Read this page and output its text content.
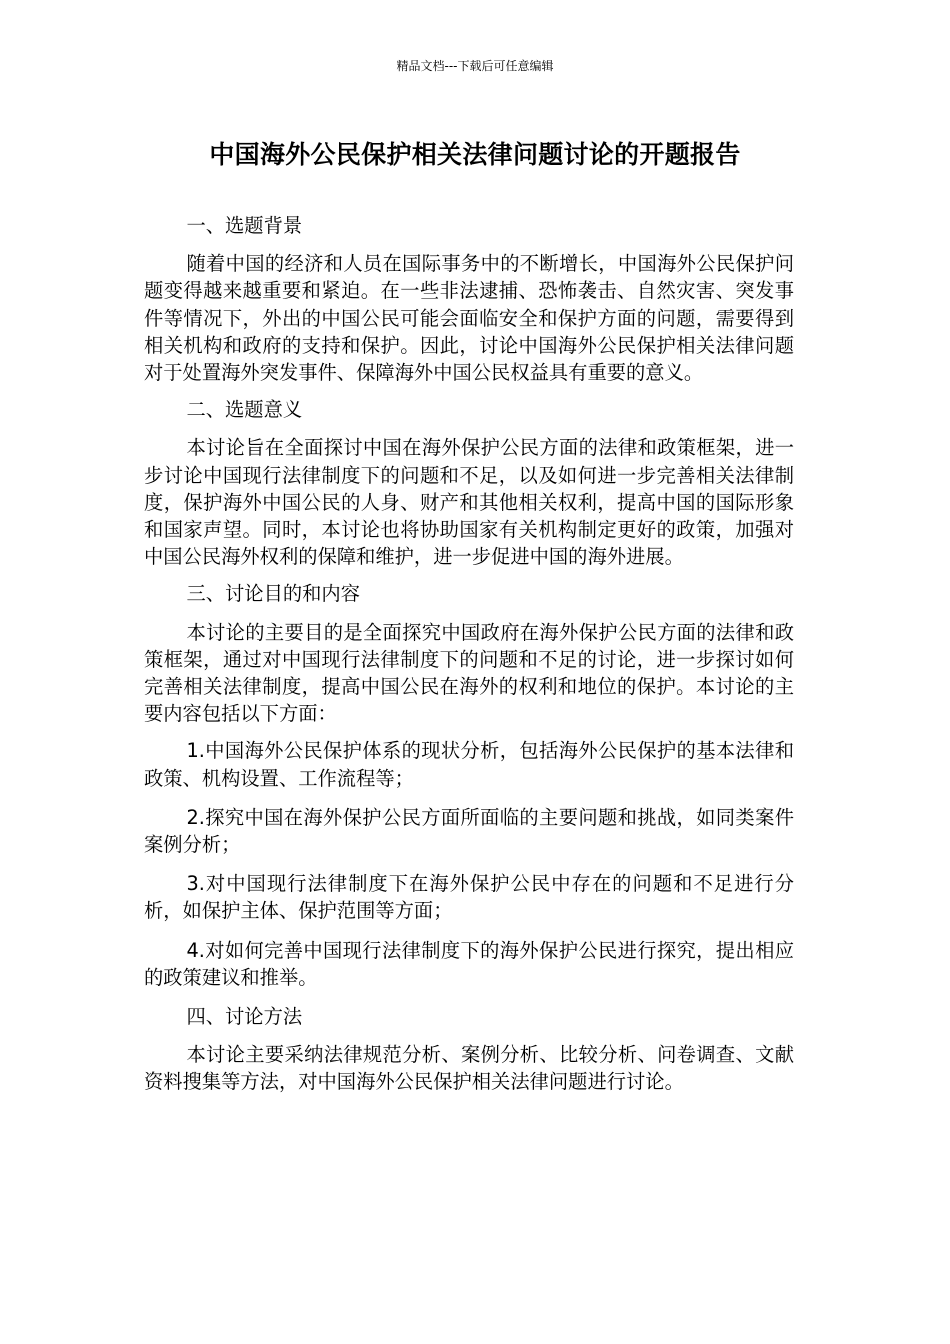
精品文档---下载后可任意编辑
中国海外公民保护相关法律问题讨论的开题报告

一、选题背景

随着中国的经济和人员在国际事务中的不断增长，中国海外公民保护问题变得越来越重要和紧迫。在一些非法逮捕、恐怖袭击、自然灾害、突发事件等情况下，外出的中国公民可能会面临安全和保护方面的问题，需要得到相关机构和政府的支持和保护。因此，讨论中国海外公民保护相关法律问题对于处置海外突发事件、保障海外中国公民权益具有重要的意义。

二、选题意义

本讨论旨在全面探讨中国在海外保护公民方面的法律和政策框架，进一步讨论中国现行法律制度下的问题和不足，以及如何进一步完善相关法律制度，保护海外中国公民的人身、财产和其他相关权利，提高中国的国际形象和国家声望。同时，本讨论也将协助国家有关机构制定更好的政策，加强对中国公民海外权利的保障和维护，进一步促进中国的海外进展。

三、讨论目的和内容

本讨论的主要目的是全面探究中国政府在海外保护公民方面的法律和政策框架，通过对中国现行法律制度下的问题和不足的讨论，进一步探讨如何完善相关法律制度，提高中国公民在海外的权利和地位的保护。本讨论的主要内容包括以下方面：

1.中国海外公民保护体系的现状分析，包括海外公民保护的基本法律和政策、机构设置、工作流程等；

2.探究中国在海外保护公民方面所面临的主要问题和挑战，如同类案件案例分析；

3.对中国现行法律制度下在海外保护公民中存在的问题和不足进行分析，如保护主体、保护范围等方面；

4.对如何完善中国现行法律制度下的海外保护公民进行探究，提出相应的政策建议和推举。

四、讨论方法

本讨论主要采纳法律规范分析、案例分析、比较分析、问卷调查、文献资料搜集等方法，对中国海外公民保护相关法律问题进行讨论。
